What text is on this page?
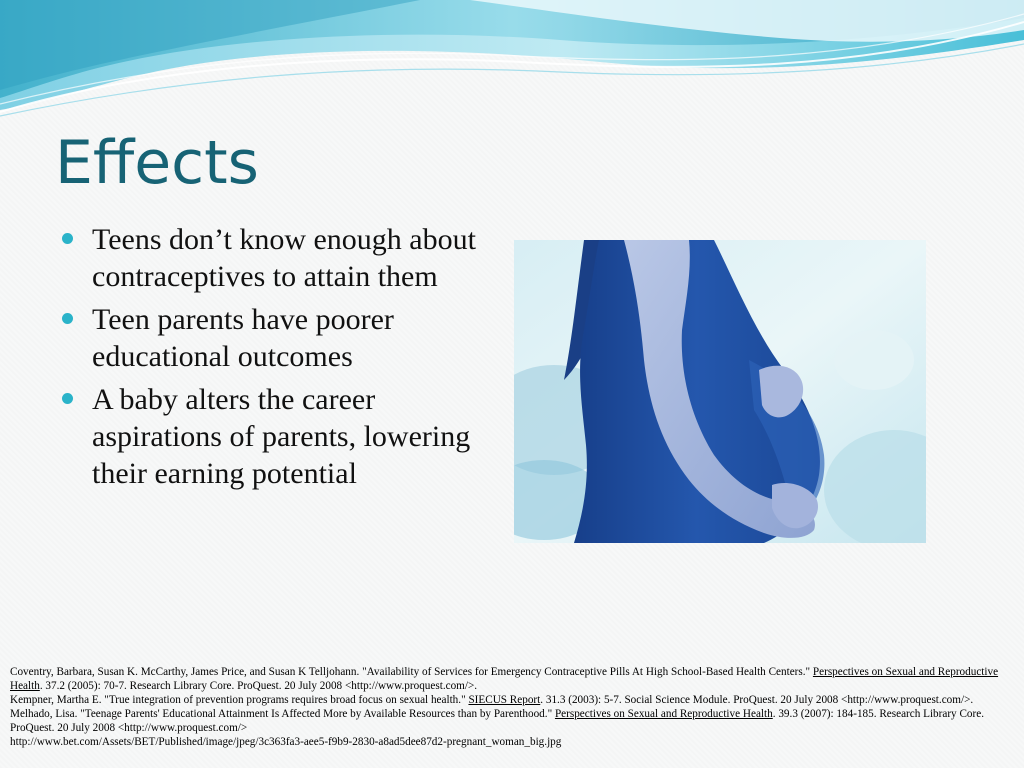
Effects
Teens don’t know enough about contraceptives to attain them
Teen parents have poorer educational outcomes
A baby alters the career aspirations of parents, lowering their earning potential

Coventry, Barbara, Susan K. McCarthy, James Price, and Susan K Telljohann. "Availability of Services for Emergency Contraceptive Pills At High School-Based Health Centers." Perspectives on Sexual and Reproductive Health. 37.2 (2005): 70-7. Research Library Core. ProQuest. 20 July 2008 <http://www.proquest.com/>.

Kempner, Martha E. "True integration of prevention programs requires broad focus on sexual health." SIECUS Report. 31.3 (2003): 5-7. Social Science Module. ProQuest. 20 July 2008 <http://www.proquest.com/>.

Melhado, Lisa. "Teenage Parents' Educational Attainment Is Affected More by Available Resources than by Parenthood." Perspectives on Sexual and Reproductive Health. 39.3 (2007): 184-185. Research Library Core. ProQuest. 20 July 2008 <http://www.proquest.com/>

http://www.bet.com/Assets/BET/Published/image/jpeg/3c363fa3-aee5-f9b9-2830-a8ad5dee87d2-pregnant_woman_big.jpg
